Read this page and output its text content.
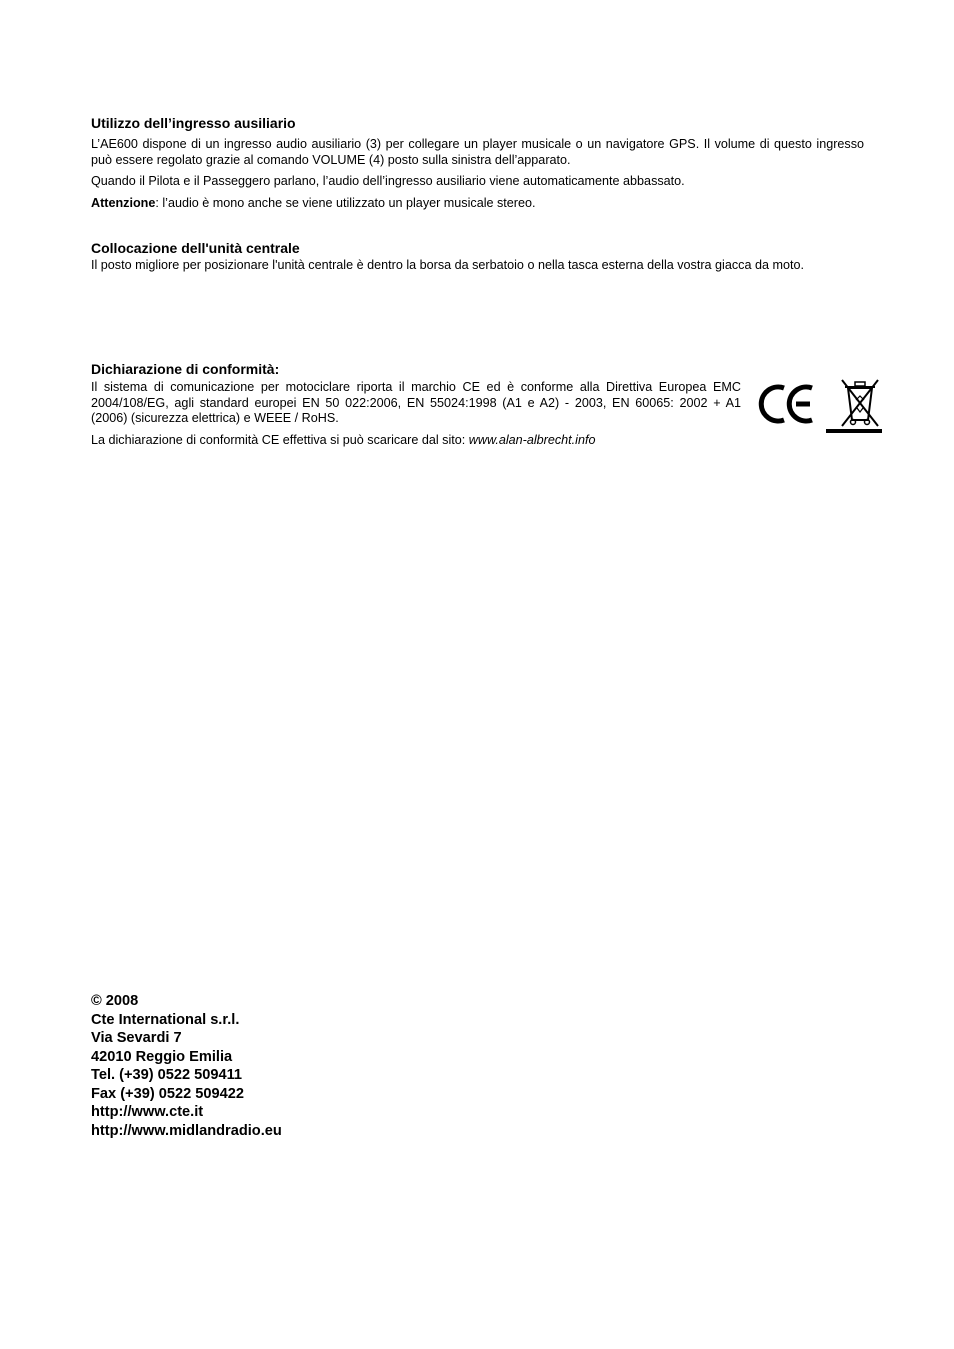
Utilizzo dell’ingresso ausiliario

L’AE600 dispone di un ingresso audio ausiliario (3) per collegare un player musicale o un navigatore GPS. Il volume di questo ingresso può essere regolato grazie al comando VOLUME (4) posto sulla sinistra dell’apparato.

Quando il Pilota e il Passeggero parlano, l’audio dell’ingresso ausiliario viene automaticamente abbassato.

Attenzione: l’audio è mono anche se viene utilizzato un player musicale stereo.

Collocazione dell'unità centrale

Il posto migliore per posizionare l'unità centrale è dentro la borsa da serbatoio o nella tasca esterna della vostra giacca da moto.

Dichiarazione di conformità:

Il sistema di comunicazione per motociclare riporta il marchio CE ed è conforme alla Direttiva Europea EMC 2004/108/EG, agli standard europei EN 50 022:2006, EN 55024:1998 (A1 e A2) - 2003, EN 60065: 2002 + A1 (2006) (sicurezza elettrica) e WEEE / RoHS.

La dichiarazione di conformità CE effettiva si può scaricare dal sito: www.alan-albrecht.info

© 2008
Cte International s.r.l.
Via Sevardi 7
42010 Reggio Emilia
Tel. (+39) 0522 509411
Fax (+39) 0522 509422
http://www.cte.it
http://www.midlandradio.eu
